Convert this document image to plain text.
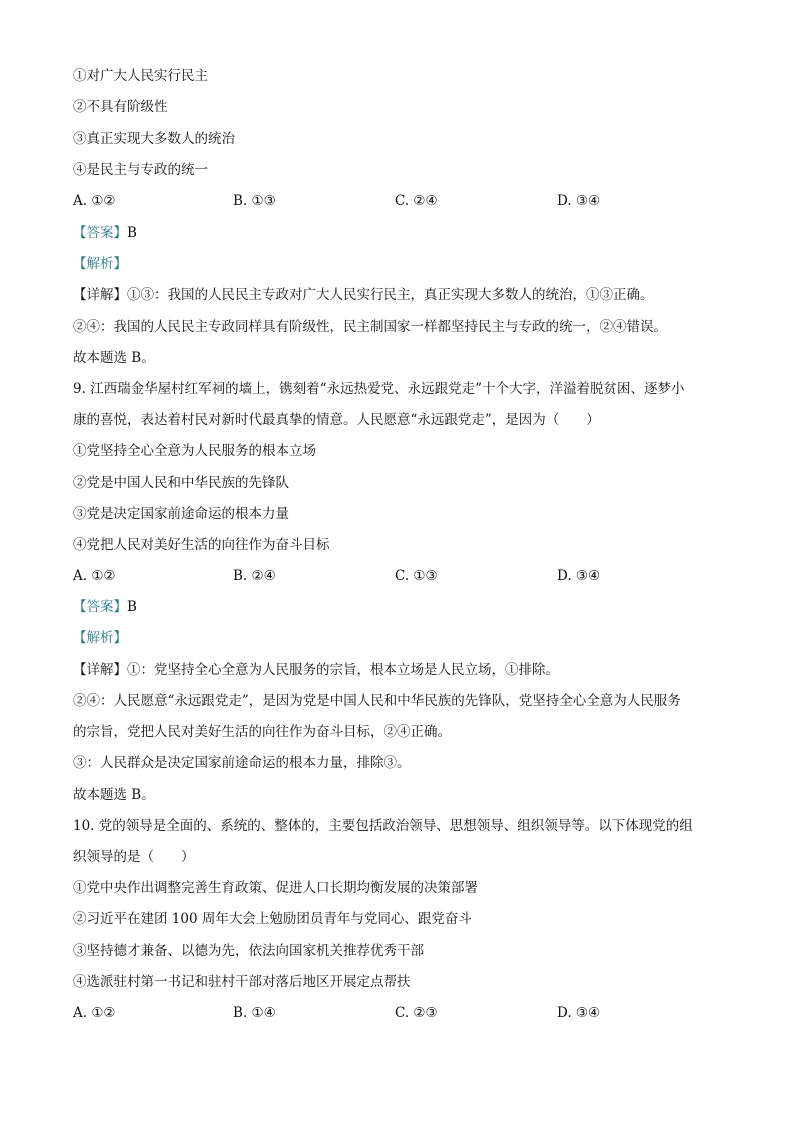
①对广大人民实行民主
②不具有阶级性
③真正实现大多数人的统治
④是民主与专政的统一
A. ①②	B. ①③	C. ②④	D. ③④
【答案】B
【解析】
【详解】①③：我国的人民民主专政对广大人民实行民主，真正实现大多数人的统治，①③正确。
②④：我国的人民民主专政同样具有阶级性，民主制国家一样都坚持民主与专政的统一，②④错误。
故本题选 B。
9. 江西瑞金华屋村红军祠的墙上，镌刻着“永远热爱党、永远跟党走”十个大字，洋溢着脱贫困、逐梦小
康的喜悦，表达着村民对新时代最真挚的情意。人民愿意“永远跟党走”，是因为（　　）
①党坚持全心全意为人民服务的根本立场
②党是中国人民和中华民族的先锋队
③党是决定国家前途命运的根本力量
④党把人民对美好生活的向往作为奋斗目标
A. ①②	B. ②④	C. ①③	D. ③④
【答案】B
【解析】
【详解】①：党坚持全心全意为人民服务的宗旨，根本立场是人民立场，①排除。
②④：人民愿意“永远跟党走”，是因为党是中国人民和中华民族的先锋队，党坚持全心全意为人民服务
的宗旨，党把人民对美好生活的向往作为奋斗目标，②④正确。
③：人民群众是决定国家前途命运的根本力量，排除③。
故本题选 B。
10. 党的领导是全面的、系统的、整体的，主要包括政治领导、思想领导、组织领导等。以下体现党的组
织领导的是（　　）
①党中央作出调整完善生育政策、促进人口长期均衡发展的决策部署
②习近平在建团 100 周年大会上勉励团员青年与党同心、跟党奋斗
③坚持德才兼备、以德为先，依法向国家机关推荐优秀干部
④选派驻村第一书记和驻村干部对落后地区开展定点帮扶
A. ①②	B. ①④	C. ②③	D. ③④
